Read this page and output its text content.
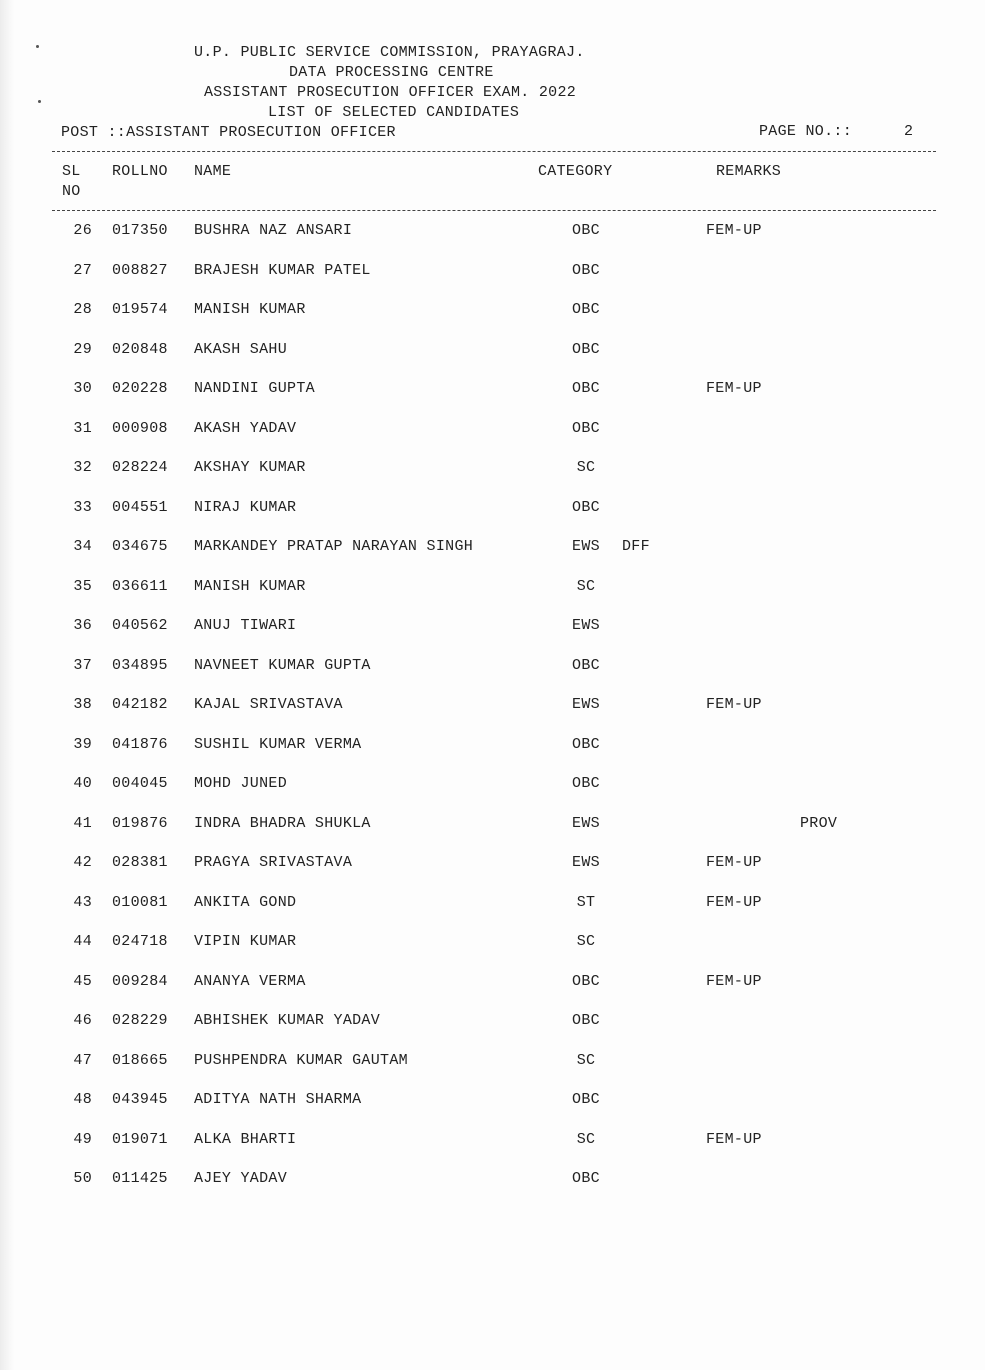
U.P. PUBLIC SERVICE COMMISSION, PRAYAGRAJ.
DATA PROCESSING CENTRE
ASSISTANT PROSECUTION OFFICER EXAM. 2022
LIST OF SELECTED CANDIDATES
POST ::ASSISTANT PROSECUTION OFFICER	PAGE NO.::	2
SL
NO
ROLLNO NAME	CATEGORY	REMARKS
26 017350 BUSHRA NAZ ANSARI	OBC	FEM-UP
27 008827 BRAJESH KUMAR PATEL	OBC
28 019574 MANISH KUMAR	OBC
29 020848 AKASH SAHU	OBC
30 020228 NANDINI GUPTA	OBC	FEM-UP
31 000908 AKASH YADAV	OBC
32 028224 AKSHAY KUMAR	SC
33 004551 NIRAJ KUMAR	OBC
34 034675 MARKANDEY PRATAP NARAYAN SINGH	EWS	DFF
35 036611 MANISH KUMAR	SC
36 040562 ANUJ TIWARI	EWS
37 034895 NAVNEET KUMAR GUPTA	OBC
38 042182 KAJAL SRIVASTAVA	EWS	FEM-UP
39 041876 SUSHIL KUMAR VERMA	OBC
40 004045 MOHD JUNED	OBC
41 019876 INDRA BHADRA SHUKLA	EWS	PROV
42 028381 PRAGYA SRIVASTAVA	EWS	FEM-UP
43 010081 ANKITA GOND	ST	FEM-UP
44 024718 VIPIN KUMAR	SC
45 009284 ANANYA VERMA	OBC	FEM-UP
46 028229 ABHISHEK KUMAR YADAV	OBC
47 018665 PUSHPENDRA KUMAR GAUTAM	SC
48 043945 ADITYA NATH SHARMA	OBC
49 019071 ALKA BHARTI	SC	FEM-UP
50 011425 AJEY YADAV	OBC
